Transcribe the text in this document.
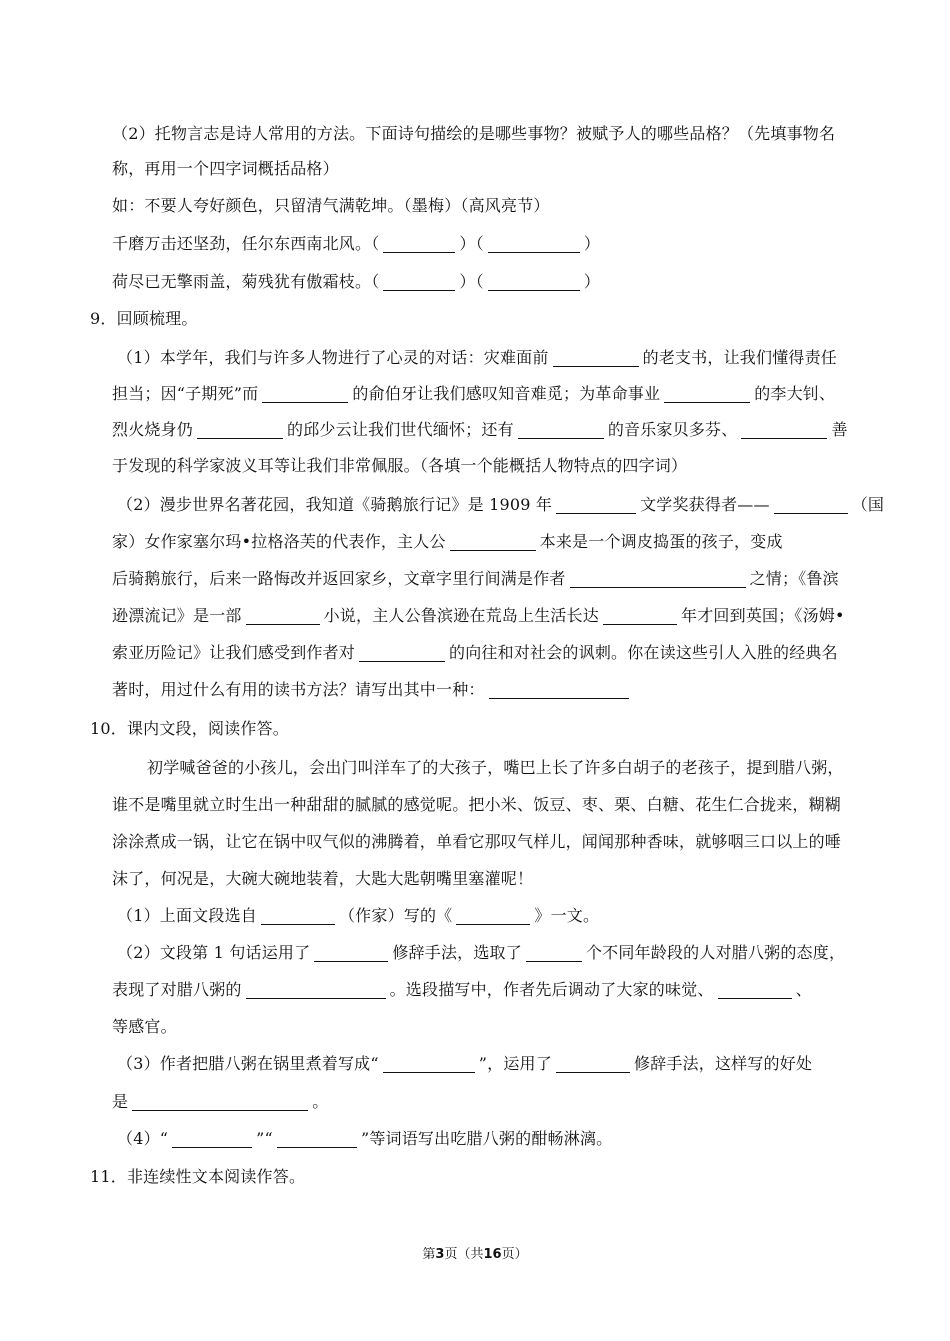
（2）托物言志是诗人常用的方法。下面诗句描绘的是哪些事物？被赋予人的哪些品格？（先填事物名
称，再用一个四字词概括品格）
如：不要人夸好颜色，只留清气满乾坤。（墨梅）（高风亮节）
千磨万击还坚劲，任尔东西南北风。（	）（	）
荷尽已无擎雨盖，菊残犹有傲霜枝。（	）（	）
9．回顾梳理。
（1）本学年，我们与许多人物进行了心灵的对话：灾难面前	的老支书，让我们懂得责任
担当；因“子期死”而	的俞伯牙让我们感叹知音难觅；为革命事业	的李大钊、
烈火烧身仍	的邱少云让我们世代缅怀；还有	的音乐家贝多芬、	善
于发现的科学家波义耳等让我们非常佩服。（各填一个能概括人物特点的四字词）
（2）漫步世界名著花园，我知道《骑鹅旅行记》是 1909 年	文学奖获得者——	（国
家）女作家塞尔玛•拉格洛芙的代表作，主人公	本来是一个调皮捣蛋的孩子，变成
后骑鹅旅行，后来一路悔改并返回家乡，文章字里行间满是作者	之情；《鲁滨
逊漂流记》是一部	小说，主人公鲁滨逊在荒岛上生活长达	年才回到英国；《汤姆•
索亚历险记》让我们感受到作者对	的向往和对社会的讽刺。你在读这些引人入胜的经典名
著时，用过什么有用的读书方法？请写出其中一种：
10．课内文段，阅读作答。
初学喊爸爸的小孩儿，会出门叫洋车了的大孩子，嘴巴上长了许多白胡子的老孩子，提到腊八粥，
谁不是嘴里就立时生出一种甜甜的腻腻的感觉呢。把小米、饭豆、枣、栗、白糖、花生仁合拢来，糊糊
涂涂煮成一锅，让它在锅中叹气似的沸腾着，单看它那叹气样儿，闻闻那种香味，就够咽三口以上的唾
沫了，何况是，大碗大碗地装着，大匙大匙朝嘴里塞灌呢！
（1）上面文段选自	（作家）写的《	》一文。
（2）文段第 1 句话运用了	修辞手法，选取了	个不同年龄段的人对腊八粥的态度，
表现了对腊八粥的	。选段描写中，作者先后调动了大家的味觉、	、
等感官。
（3）作者把腊八粥在锅里煮着写成“	”，运用了	修辞手法，这样写的好处
是	。
（4）“	”“	”等词语写出吃腊八粥的酣畅淋漓。
11．非连续性文本阅读作答。
第3页（共16页）
